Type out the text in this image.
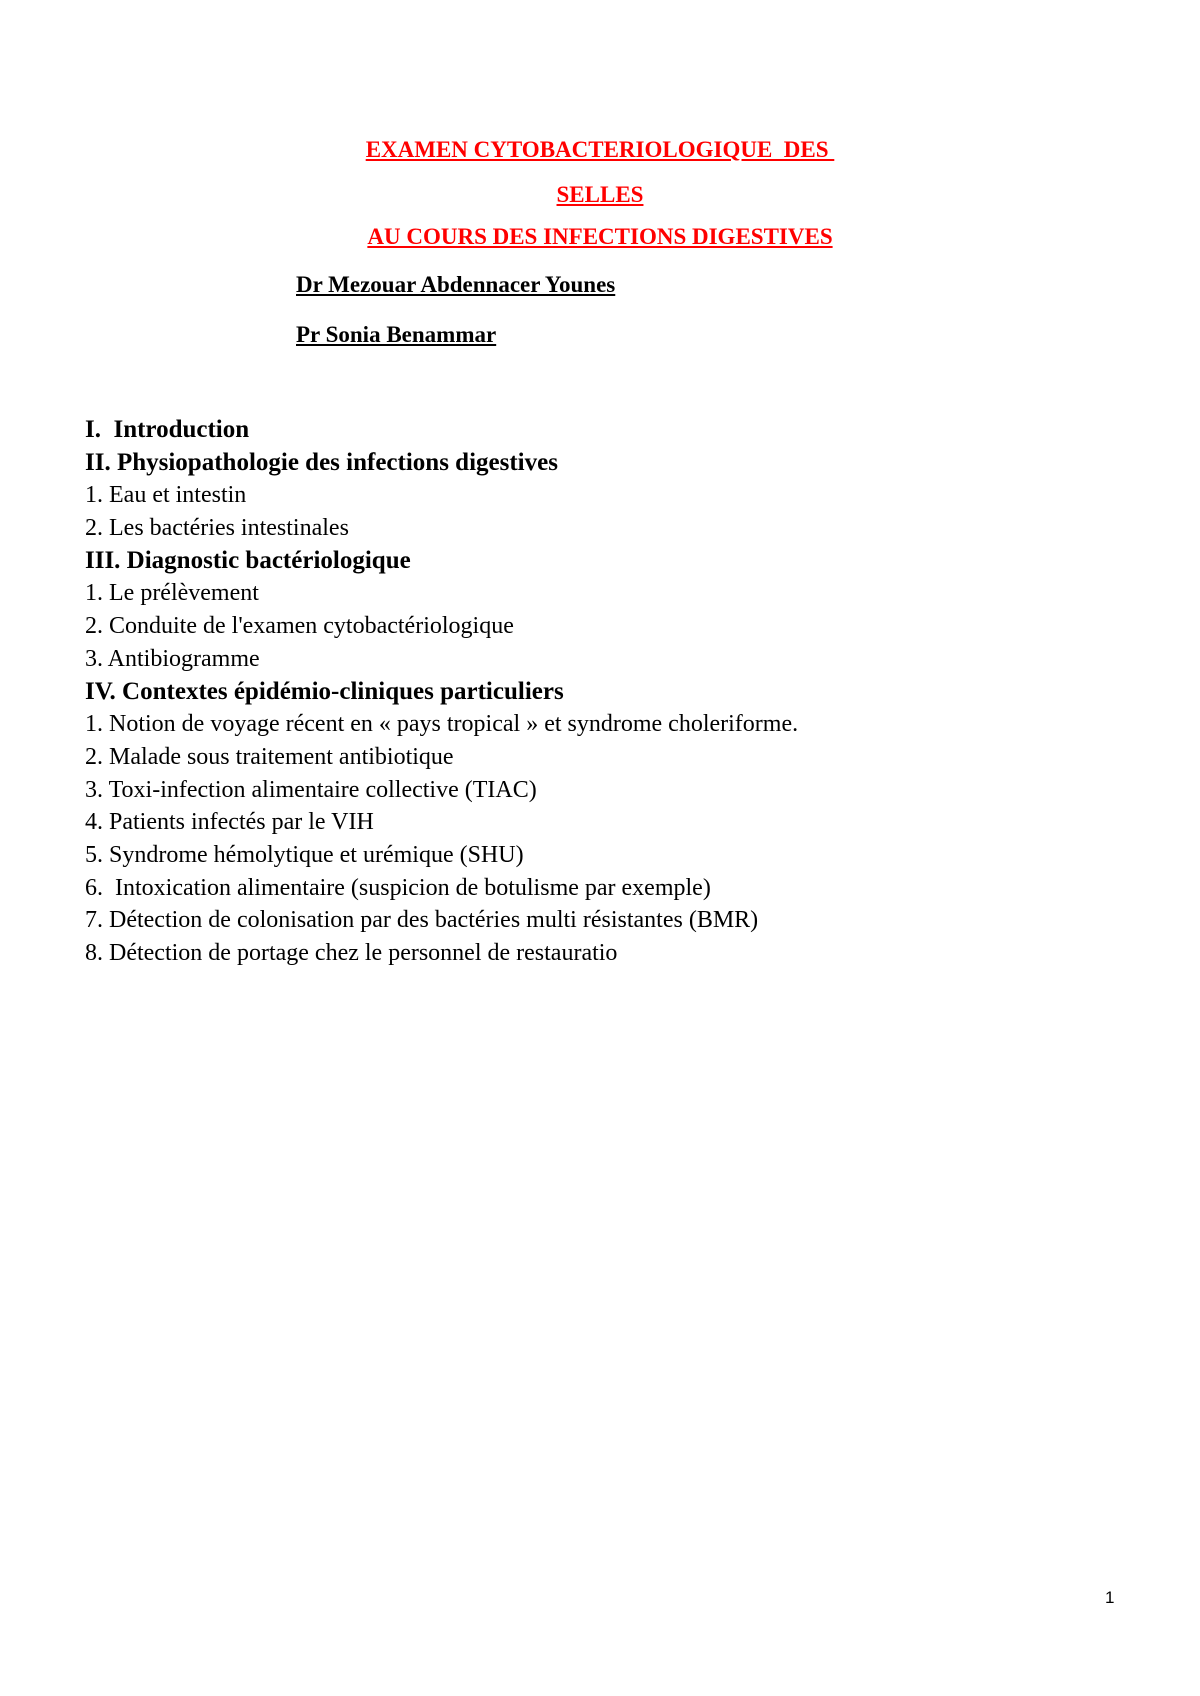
EXAMEN CYTOBACTERIOLOGIQUE  DES
SELLES
AU COURS DES INFECTIONS DIGESTIVES
Dr Mezouar Abdennacer Younes
Pr Sonia Benammar
I.  Introduction
II. Physiopathologie des infections digestives
1. Eau et intestin
2. Les bactéries intestinales
III. Diagnostic bactériologique
1. Le prélèvement
2. Conduite de l'examen cytobactériologique
3. Antibiogramme
IV. Contextes épidémio-cliniques particuliers
1. Notion de voyage récent en « pays tropical » et syndrome choleriforme.
2. Malade sous traitement antibiotique
3. Toxi-infection alimentaire collective (TIAC)
4. Patients infectés par le VIH
5. Syndrome hémolytique et urémique (SHU)
6.  Intoxication alimentaire (suspicion de botulisme par exemple)
7. Détection de colonisation par des bactéries multi résistantes (BMR)
8. Détection de portage chez le personnel de restauratio
1
